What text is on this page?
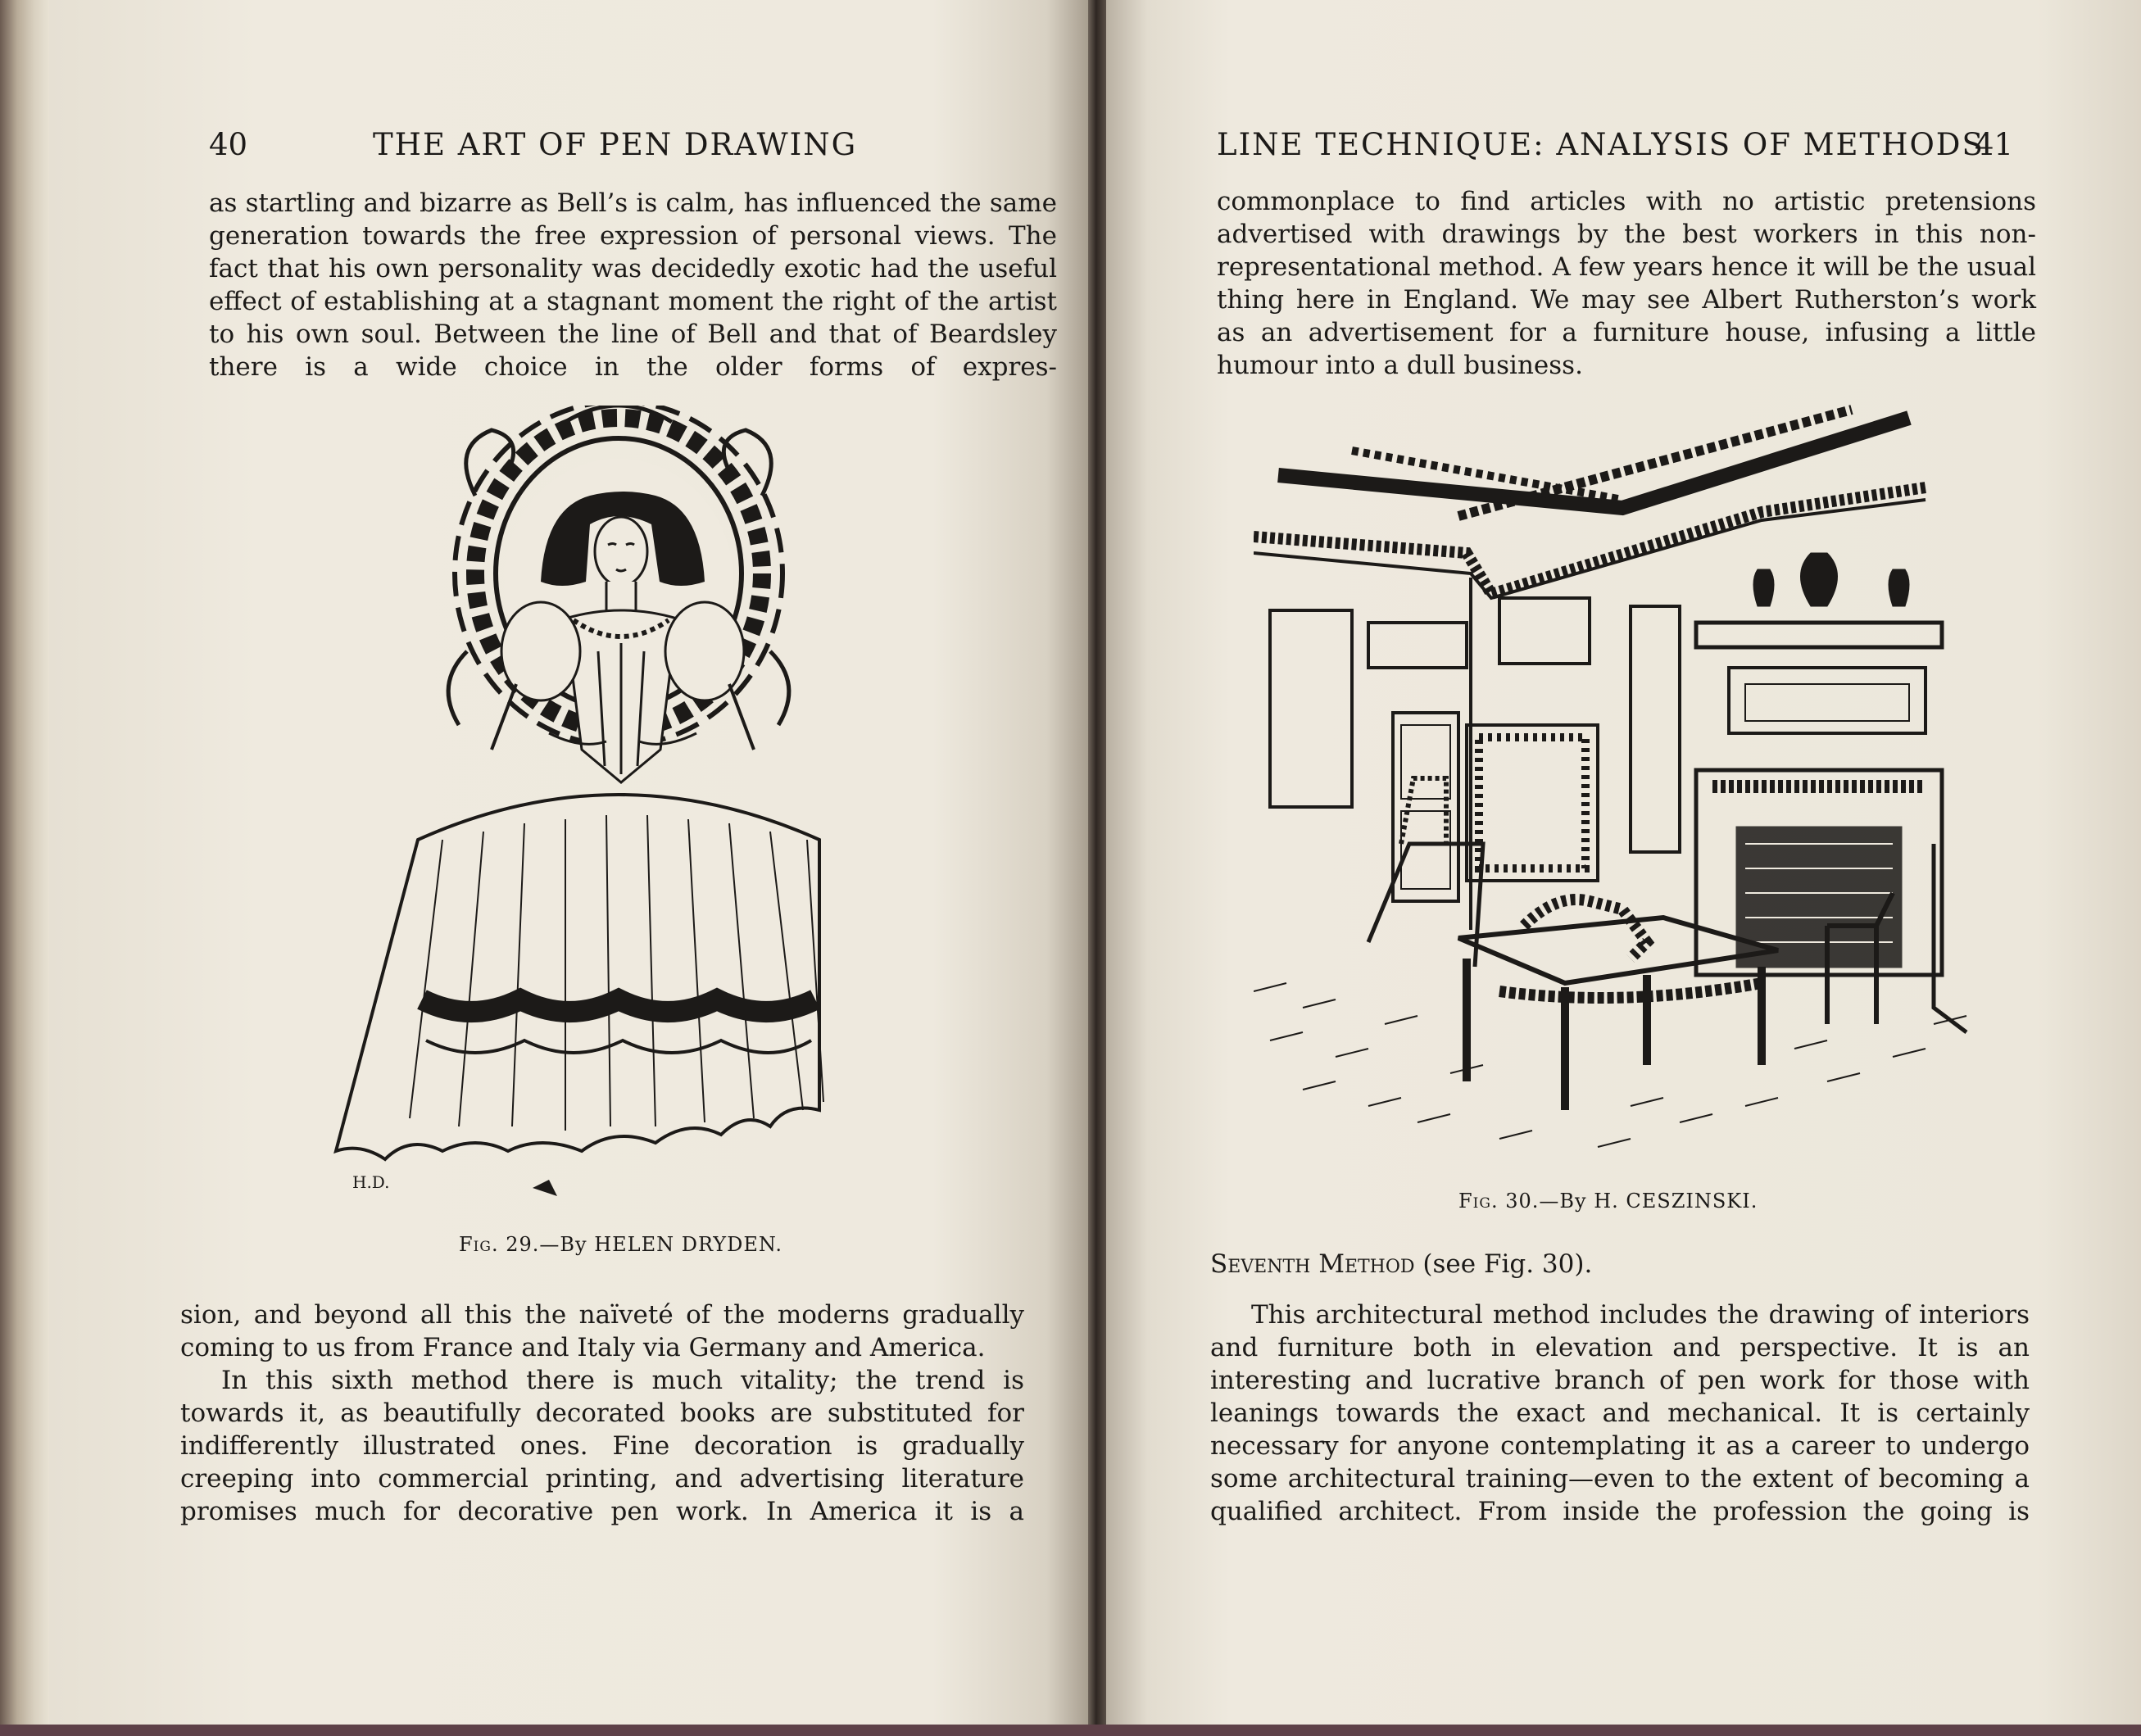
40	THE ART OF PEN DRAWING

as startling and bizarre as Bell’s is calm, has influenced the same generation towards the free expression of personal views. The fact that his own personality was decidedly exotic had the useful effect of establishing at a stagnant moment the right of the artist to his own soul. Between the line of Bell and that of Beardsley there is a wide choice in the older forms of expres-

H.D.
Fig. 29.—By HELEN DRYDEN.

sion, and beyond all this the naïveté of the moderns gradually coming to us from France and Italy via Germany and America.

In this sixth method there is much vitality; the trend is towards it, as beautifully decorated books are substituted for indifferently illustrated ones. Fine decoration is gradually creeping into commercial printing, and advertising literature promises much for decorative pen work. In America it is a

LINE TECHNIQUE: ANALYSIS OF METHODS
41

commonplace to find articles with no artistic pretensions advertised with drawings by the best workers in this non-representational method. A few years hence it will be the usual thing here in England. We may see Albert Rutherston’s work as an advertisement for a furniture house, infusing a little humour into a dull business.

Fig. 30.—By H. CESZINSKI.
Seventh Method (see Fig. 30).

This architectural method includes the drawing of interiors and furniture both in elevation and perspective. It is an interesting and lucrative branch of pen work for those with leanings towards the exact and mechanical. It is certainly necessary for anyone contemplating it as a career to undergo some architectural training—even to the extent of becoming a qualified architect. From inside the profession the going is
